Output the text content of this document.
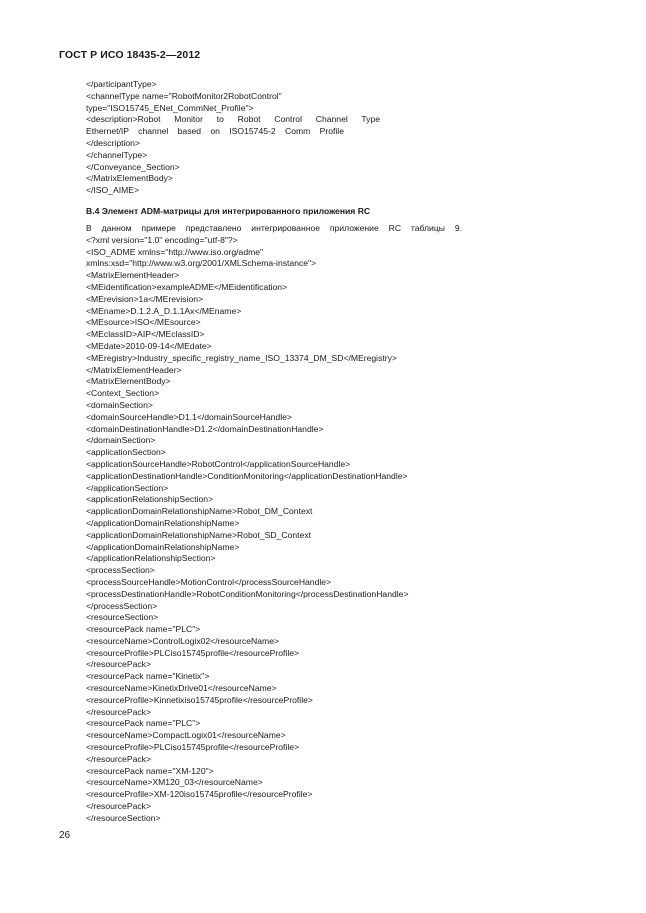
ГОСТ Р ИСО 18435-2—2012
</participantType>
<channelType name="RobotMonitor2RobotControl"
type="ISO15745_ENet_CommNet_Profile">
<description>Robot Monitor to Robot Control Channel Type
Ethernet/IP channel based on ISO15745-2 Comm Profile
</description>
</channelType>
</Conveyance_Section>
</MatrixElementBody>
</ISO_AIME>
В.4 Элемент ADM-матрицы для интегрированного приложения RC
В данном примере представлено интегрированное приложение RC таблицы 9.
<?xml version="1.0" encoding="utf-8"?>
<ISO_ADME xmlns="http://www.iso.org/adme"
xmlns:xsd="http://www.w3.org/2001/XMLSchema-instance">
<MatrixElementHeader>
<MEidentification>exampleADME</MEidentification>
<MErevision>1a</MErevision>
<MEname>D.1.2.A_D.1.1Ax</MEname>
<MEsource>ISO</MEsource>
<MEclassID>AIP</MEclassID>
<MEdate>2010-09-14</MEdate>
<MEregistry>Industry_specific_registry_name_ISO_13374_DM_SD</MEregistry>
</MatrixElementHeader>
<MatrixElementBody>
<Context_Section>
<domainSection>
<domainSourceHandle>D1.1</domainSourceHandle>
<domainDestinationHandle>D1.2</domainDestinationHandle>
</domainSection>
<applicationSection>
<applicationSourceHandle>RobotControl</applicationSourceHandle>
<applicationDestinationHandle>ConditionMonitoring</applicationDestinationHandle>
</applicationSection>
<applicationRelationshipSection>
<applicationDomainRelationshipName>Robot_DM_Context
</applicationDomainRelationshipName>
<applicationDomainRelationshipName>Robot_SD_Context
</applicationDomainRelationshipName>
</applicationRelationshipSection>
<processSection>
<processSourceHandle>MotionControl</processSourceHandle>
<processDestinationHandle>RobotConditionMonitoring</processDestinationHandle>
</processSection>
<resourceSection>
<resourcePack name="PLC">
<resourceName>ControlLogix02</resourceName>
<resourceProfile>PLCiso15745profile</resourceProfile>
</resourcePack>
<resourcePack name="Kinetix">
<resourceName>KinetixDrive01</resourceName>
<resourceProfile>Kinnetixiso15745profile</resourceProfile>
</resourcePack>
<resourcePack name="PLC">
<resourceName>CompactLogix01</resourceName>
<resourceProfile>PLCiso15745profile</resourceProfile>
</resourcePack>
<resourcePack name="XM-120">
<resourceName>XM120_03</resourceName>
<resourceProfile>XM-120iso15745profile</resourceProfile>
</resourcePack>
</resourceSection>
26
